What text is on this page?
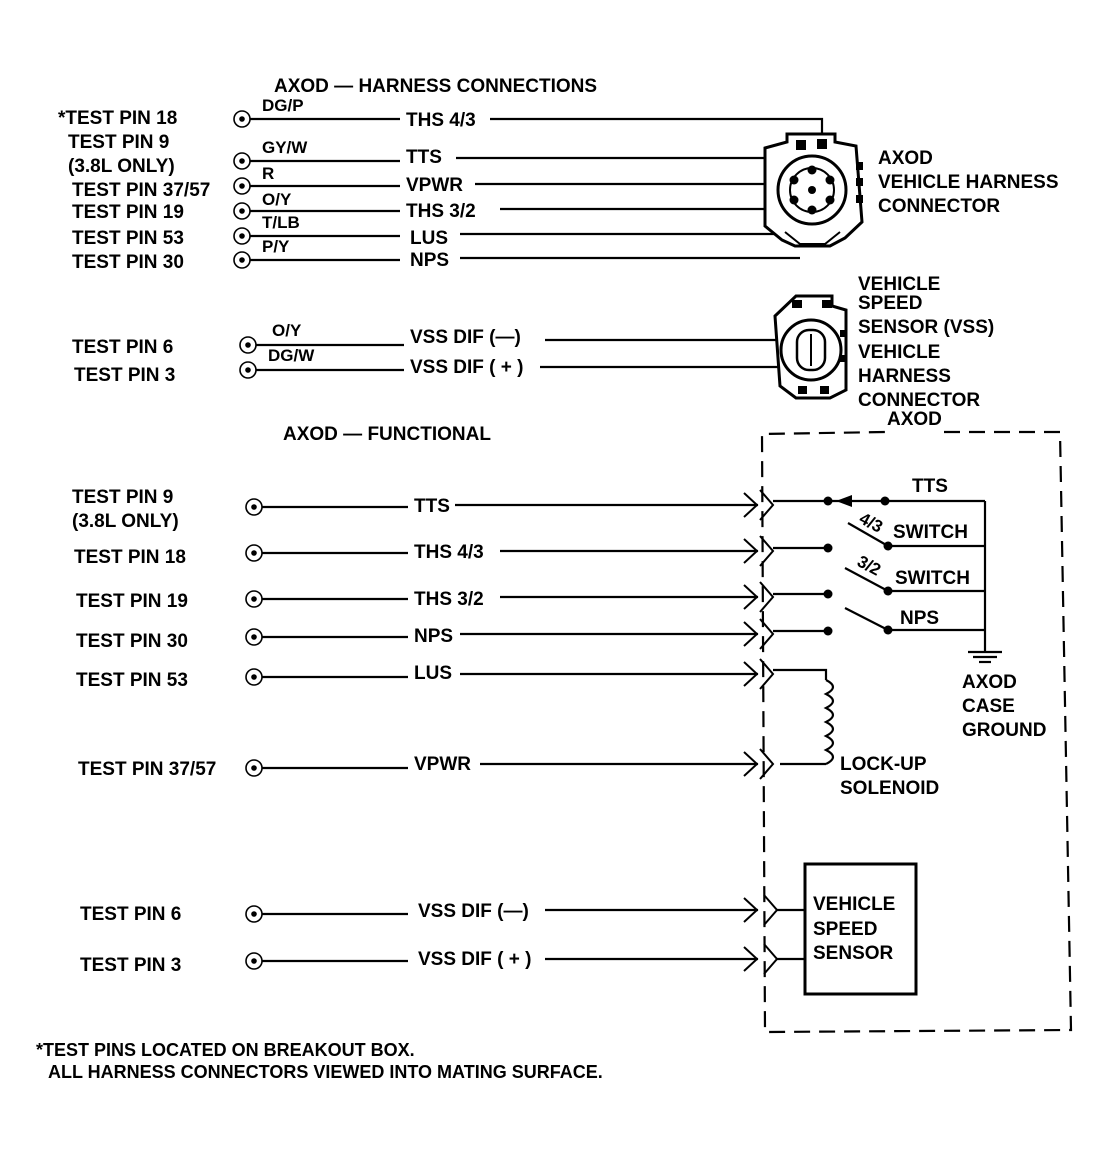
AXOD — HARNESS CONNECTIONS
*TEST PIN 18
TEST PIN 9
(3.8L ONLY)
TEST PIN 37/57
TEST PIN 19
TEST PIN 53
TEST PIN 30
DG/P
GY/W
R
O/Y
T/LB
P/Y
THS 4/3
TTS
VPWR
THS 3/2
LUS
NPS
AXOD
VEHICLE HARNESS
CONNECTOR
TEST PIN 6
TEST PIN 3
O/Y
DG/W
VSS DIF (—)
VSS DIF ( + )
VEHICLE
SPEED
SENSOR (VSS)
VEHICLE
HARNESS
CONNECTOR
AXOD — FUNCTIONAL
AXOD
TEST PIN 9
(3.8L ONLY)
TEST PIN 18
TEST PIN 19
TEST PIN 30
TEST PIN 53
TEST PIN 37/57
TEST PIN 6
TEST PIN 3
TTS
THS 4/3
THS 3/2
NPS
LUS
VPWR
VSS DIF (—)
VSS DIF ( + )
TTS
4/3 SWITCH
3/2 SWITCH
NPS
AXOD
CASE
GROUND
LOCK-UP
SOLENOID
VEHICLE
SPEED
SENSOR
*TEST PINS LOCATED ON BREAKOUT BOX.
ALL HARNESS CONNECTORS VIEWED INTO MATING SURFACE.
